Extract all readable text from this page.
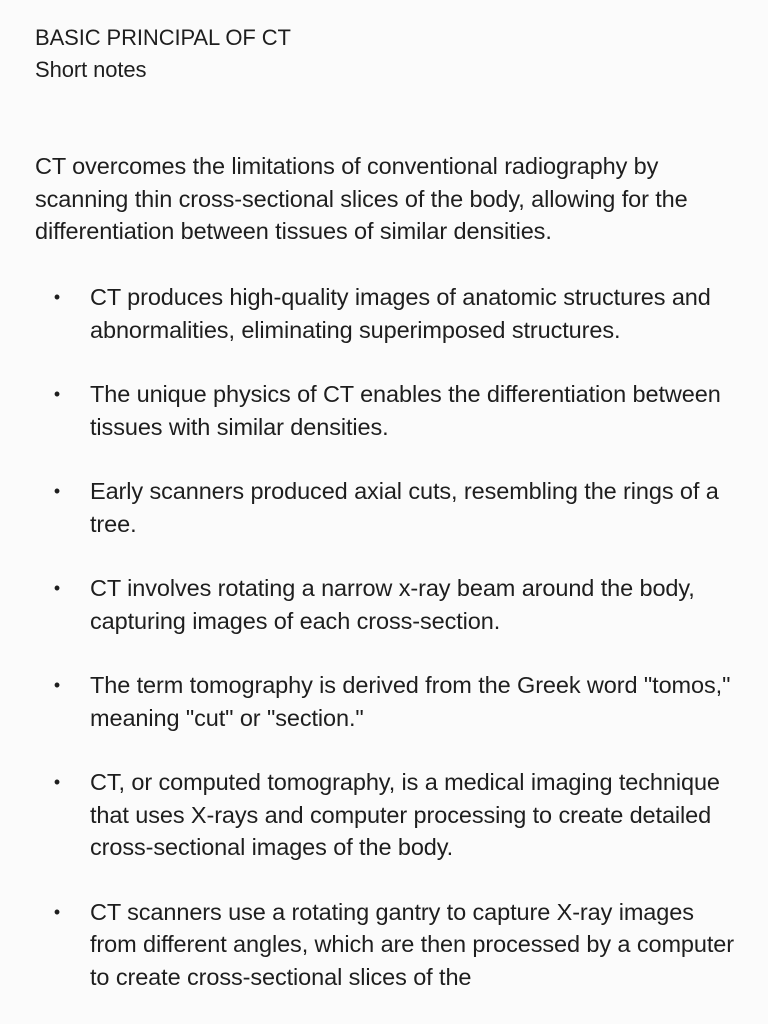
BASIC PRINCIPAL OF CT
Short notes

CT overcomes the limitations of conventional radiography by scanning thin cross-sectional slices of the body, allowing for the differentiation between tissues of similar densities.

• CT produces high-quality images of anatomic structures and abnormalities, eliminating superimposed structures.
• The unique physics of CT enables the differentiation between tissues with similar densities.
• Early scanners produced axial cuts, resembling the rings of a tree.
• CT involves rotating a narrow x-ray beam around the body, capturing images of each cross-section.
• The term tomography is derived from the Greek word "tomos," meaning "cut" or "section."
• CT, or computed tomography, is a medical imaging technique that uses X-rays and computer processing to create detailed cross-sectional images of the body.
• CT scanners use a rotating gantry to capture X-ray images from different angles, which are then processed by a computer to create cross-sectional slices of the
